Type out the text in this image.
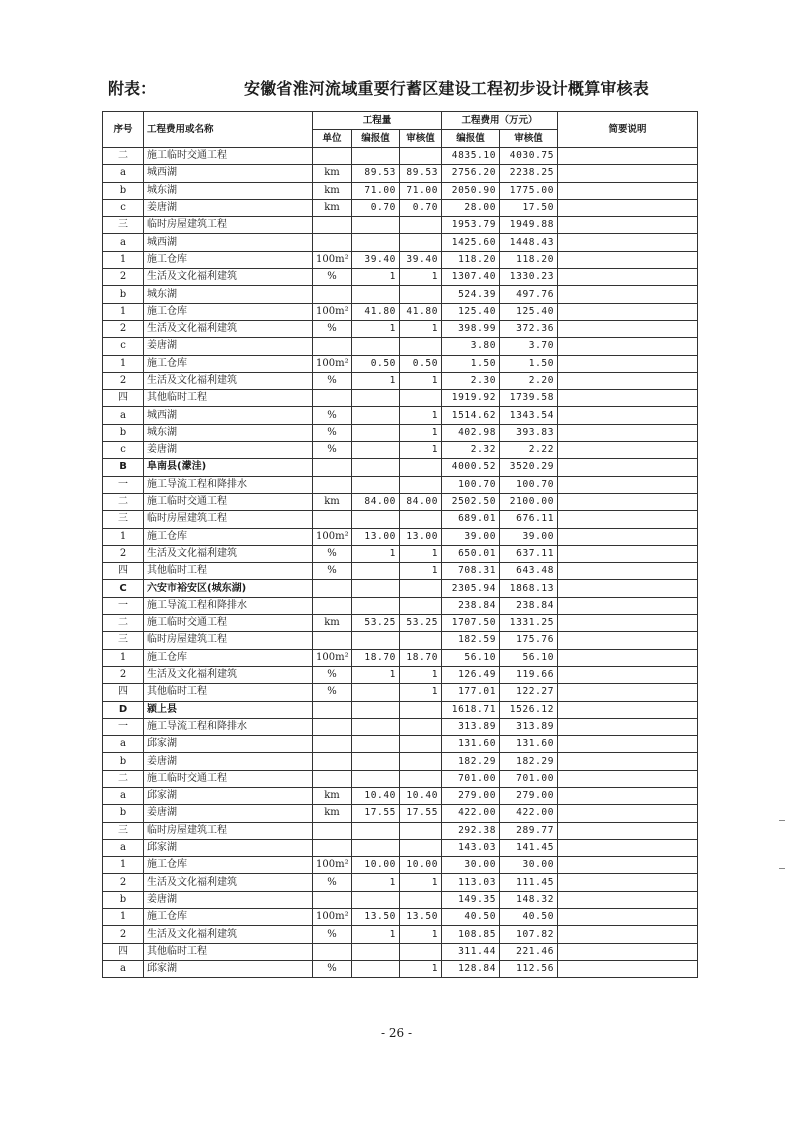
附表：	安徽省淮河流域重要行蓄区建设工程初步设计概算审核表
序号	工程费用或名称	工程量			工程费用（万元）		简要说明
		单位	编报值	审核值	编报值	审核值	
二	施工临时交通工程				4835.10	4030.75	
a	城西湖	km	89.53	89.53	2756.20	2238.25	
b	城东湖	km	71.00	71.00	2050.90	1775.00	
c	姜唐湖	km	0.70	0.70	28.00	17.50	
三	临时房屋建筑工程				1953.79	1949.88	
a	城西湖				1425.60	1448.43	
1	施工仓库	100m²	39.40	39.40	118.20	118.20	
2	生活及文化福利建筑	%	1	1	1307.40	1330.23	
b	城东湖				524.39	497.76	
1	施工仓库	100m²	41.80	41.80	125.40	125.40	
2	生活及文化福利建筑	%	1	1	398.99	372.36	
c	姜唐湖				3.80	3.70	
1	施工仓库	100m²	0.50	0.50	1.50	1.50	
2	生活及文化福利建筑	%	1	1	2.30	2.20	
四	其他临时工程				1919.92	1739.58	
a	城西湖	%		1	1514.62	1343.54	
b	城东湖	%		1	402.98	393.83	
c	姜唐湖	%		1	2.32	2.22	
B	阜南县(濛洼)				4000.52	3520.29	
一	施工导流工程和降排水				100.70	100.70	
二	施工临时交通工程	km	84.00	84.00	2502.50	2100.00	
三	临时房屋建筑工程				689.01	676.11	
1	施工仓库	100m²	13.00	13.00	39.00	39.00	
2	生活及文化福利建筑	%	1	1	650.01	637.11	
四	其他临时工程	%		1	708.31	643.48	
C	六安市裕安区(城东湖)				2305.94	1868.13	
一	施工导流工程和降排水				238.84	238.84	
二	施工临时交通工程	km	53.25	53.25	1707.50	1331.25	
三	临时房屋建筑工程				182.59	175.76	
1	施工仓库	100m²	18.70	18.70	56.10	56.10	
2	生活及文化福利建筑	%	1	1	126.49	119.66	
四	其他临时工程	%		1	177.01	122.27	
D	颍上县				1618.71	1526.12	
一	施工导流工程和降排水				313.89	313.89	
a	邱家湖				131.60	131.60	
b	姜唐湖				182.29	182.29	
二	施工临时交通工程				701.00	701.00	
a	邱家湖	km	10.40	10.40	279.00	279.00	
b	姜唐湖	km	17.55	17.55	422.00	422.00	
三	临时房屋建筑工程				292.38	289.77	
a	邱家湖				143.03	141.45	
1	施工仓库	100m²	10.00	10.00	30.00	30.00	
2	生活及文化福利建筑	%	1	1	113.03	111.45	
b	姜唐湖				149.35	148.32	
1	施工仓库	100m²	13.50	13.50	40.50	40.50	
2	生活及文化福利建筑	%	1	1	108.85	107.82	
四	其他临时工程				311.44	221.46	
a	邱家湖	%		1	128.84	112.56	
- 26 -
